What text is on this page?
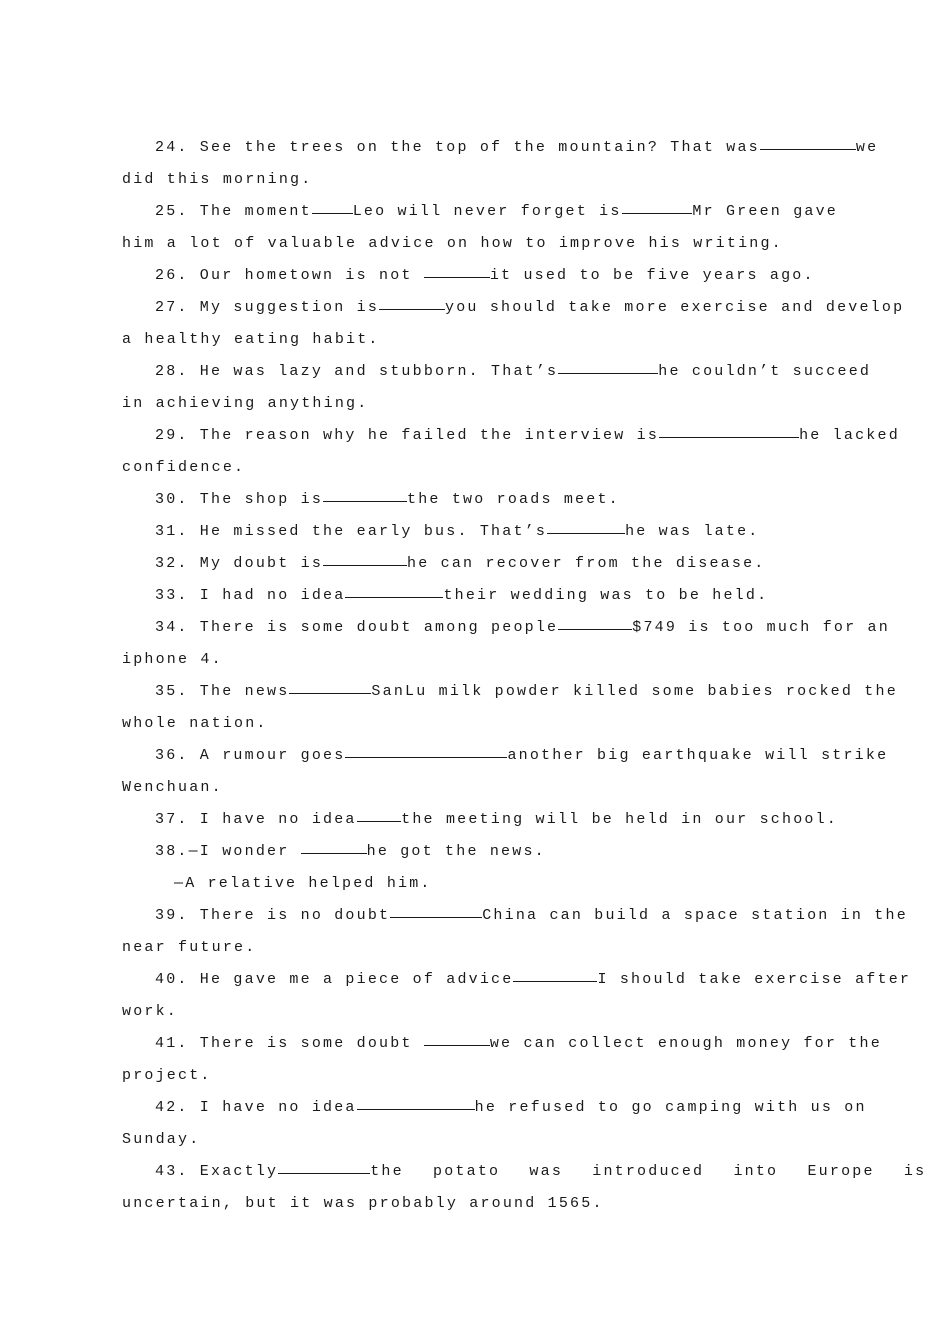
24. See the trees on the top of the mountain? That was	we
did this morning.
25. The moment	Leo will never forget is	Mr Green gave
him a lot of valuable advice on how to improve his writing.
26. Our hometown is not	it used to be five years ago.
27. My suggestion is	you should take more exercise and develop
a healthy eating habit.
28. He was lazy and stubborn. That’s	he couldn’t succeed
in achieving anything.
29. The reason why he failed the interview is	he lacked
confidence.
30. The shop is	the two roads meet.
31. He missed the early bus. That’s	he was late.
32. My doubt is	he can recover from the disease.
33. I had no idea	their wedding was to be held.
34. There is some doubt among people	$749 is too much for an
iphone 4.
35. The news	SanLu milk powder killed some babies rocked the
whole nation.
36. A rumour goes	another big earthquake will strike
Wenchuan.
37. I have no idea	the meeting will be held in our school.
38.—I wonder	he got the news.
—A relative helped him.
39. There is no doubt	China can build a space station in the
near future.
40. He gave me a piece of advice	I should take exercise after
work.
41. There is some doubt	we can collect enough money for the
project.
42. I have no idea	he refused to go camping with us on
Sunday.
43. Exactly	the potato was introduced into Europe is
uncertain, but it was probably around 1565.
